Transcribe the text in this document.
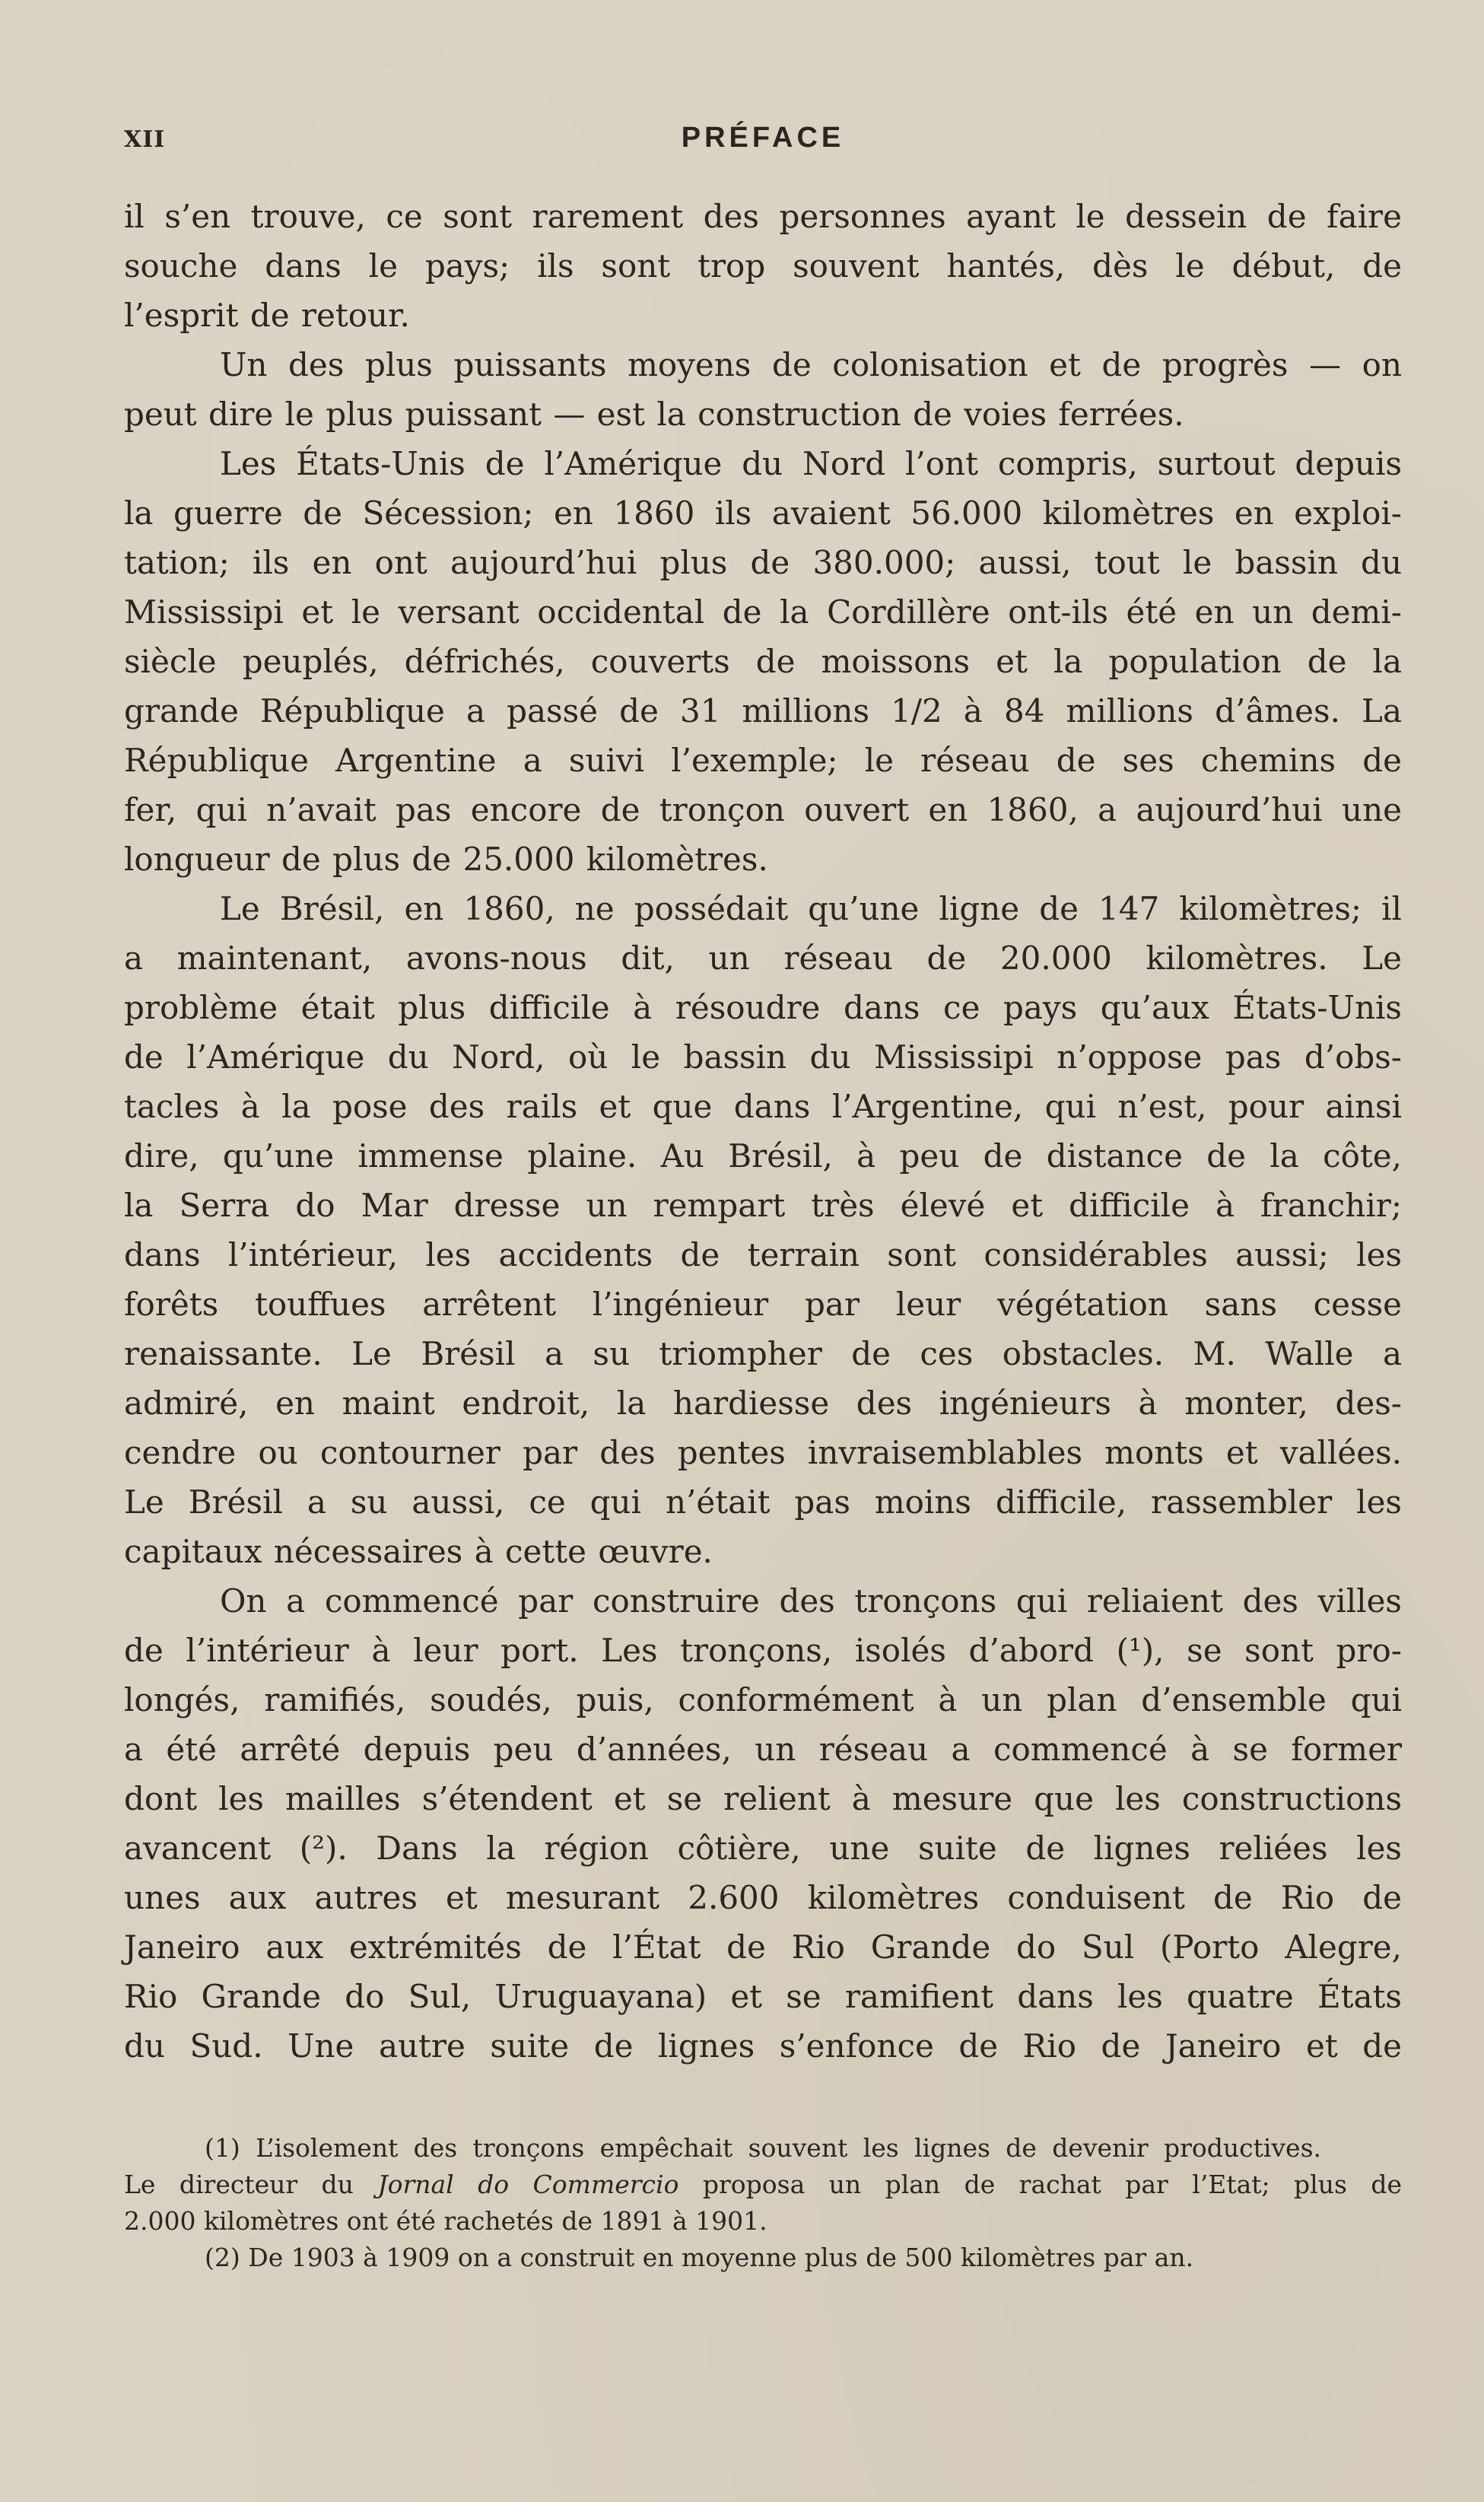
XII	PRÉFACE
il s’en trouve, ce sont rarement des personnes ayant le dessein de faire
souche dans le pays; ils sont trop souvent hantés, dès le début, de
l’esprit de retour.
Un des plus puissants moyens de colonisation et de progrès — on
peut dire le plus puissant — est la construction de voies ferrées.
Les États-Unis de l’Amérique du Nord l’ont compris, surtout depuis
la guerre de Sécession; en 1860 ils avaient 56.000 kilomètres en exploi-
tation; ils en ont aujourd’hui plus de 380.000; aussi, tout le bassin du
Mississipi et le versant occidental de la Cordillère ont-ils été en un demi-
siècle peuplés, défrichés, couverts de moissons et la population de la
grande République a passé de 31 millions 1/2 à 84 millions d’âmes. La
République Argentine a suivi l’exemple; le réseau de ses chemins de
fer, qui n’avait pas encore de tronçon ouvert en 1860, a aujourd’hui une
longueur de plus de 25.000 kilomètres.
Le Brésil, en 1860, ne possédait qu’une ligne de 147 kilomètres; il
a maintenant, avons-nous dit, un réseau de 20.000 kilomètres. Le
problème était plus difficile à résoudre dans ce pays qu’aux États-Unis
de l’Amérique du Nord, où le bassin du Mississipi n’oppose pas d’obs-
tacles à la pose des rails et que dans l’Argentine, qui n’est, pour ainsi
dire, qu’une immense plaine. Au Brésil, à peu de distance de la côte,
la Serra do Mar dresse un rempart très élevé et difficile à franchir;
dans l’intérieur, les accidents de terrain sont considérables aussi; les
forêts touffues arrêtent l’ingénieur par leur végétation sans cesse
renaissante. Le Brésil a su triompher de ces obstacles. M. Walle a
admiré, en maint endroit, la hardiesse des ingénieurs à monter, des-
cendre ou contourner par des pentes invraisemblables monts et vallées.
Le Brésil a su aussi, ce qui n’était pas moins difficile, rassembler les
capitaux nécessaires à cette œuvre.
On a commencé par construire des tronçons qui reliaient des villes
de l’intérieur à leur port. Les tronçons, isolés d’abord (¹), se sont pro-
longés, ramifiés, soudés, puis, conformément à un plan d’ensemble qui
a été arrêté depuis peu d’années, un réseau a commencé à se former
dont les mailles s’étendent et se relient à mesure que les constructions
avancent (²). Dans la région côtière, une suite de lignes reliées les
unes aux autres et mesurant 2.600 kilomètres conduisent de Rio de
Janeiro aux extrémités de l’État de Rio Grande do Sul (Porto Alegre,
Rio Grande do Sul, Uruguayana) et se ramifient dans les quatre États
du Sud. Une autre suite de lignes s’enfonce de Rio de Janeiro et de
(1) L’isolement des tronçons empêchait souvent les lignes de devenir productives.
Le directeur du Jornal do Commercio proposa un plan de rachat par l’Etat; plus de
2.000 kilomètres ont été rachetés de 1891 à 1901.
(2) De 1903 à 1909 on a construit en moyenne plus de 500 kilomètres par an.
